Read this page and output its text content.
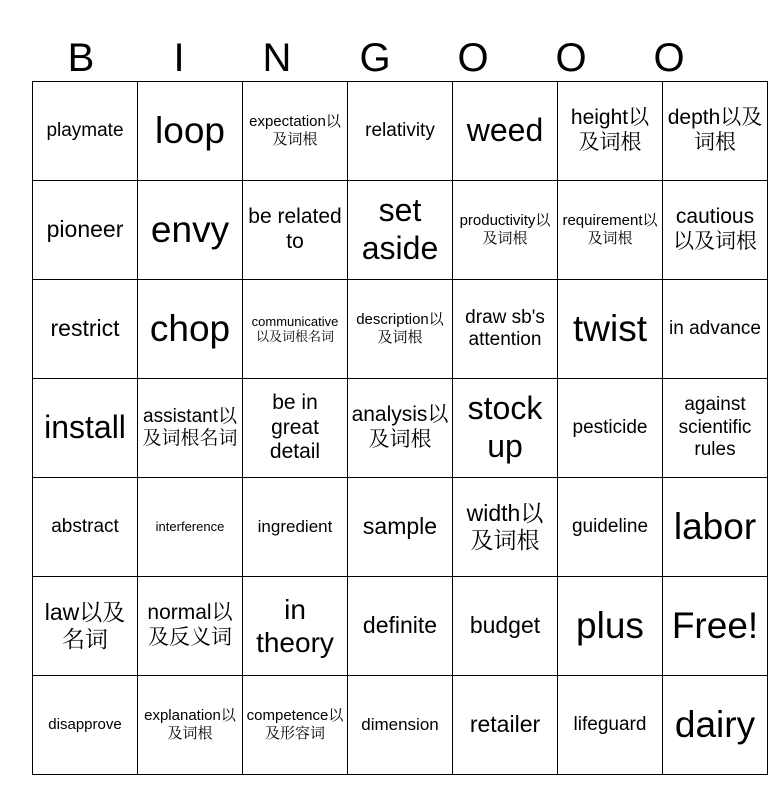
B	I	N	G	O	O	O
playmate	loop	expectation以及词根	relativity	weed	height以及词根	depth以及词根
pioneer	envy	be related to	set aside	productivity以及词根	requirement以及词根	cautious以及词根
restrict	chop	communicative以及词根名词	description以及词根	draw sb's attention	twist	in advance
install	assistant以及词根名词	be in great detail	analysis以及词根	stock up	pesticide	against scientific rules
abstract	interference	ingredient	sample	width以及词根	guideline	labor
law以及名词	normal以及反义词	in theory	definite	budget	plus	Free!
disapprove	explanation以及词根	competence以及形容词	dimension	retailer	lifeguard	dairy
